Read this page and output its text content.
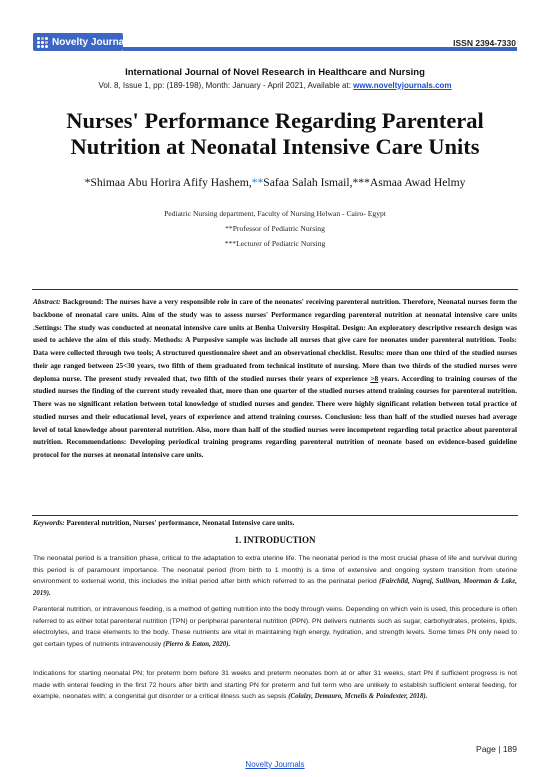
Novelty Journals	ISSN 2394-7330
International Journal of Novel Research in Healthcare and Nursing
Vol. 8, Issue 1, pp: (189-198), Month: January - April 2021, Available at: www.noveltyjournals.com
Nurses' Performance Regarding Parenteral Nutrition at Neonatal Intensive Care Units
*Shimaa Abu Horira Afify Hashem,**Safaa Salah Ismail,***Asmaa Awad Helmy
Pediatric Nursing department, Faculty of Nursing Helwan - Cairo- Egypt
**Professor of Pediatric Nursing
***Lecturer of Pediatric Nursing
Abstract: Background: The nurses have a very responsible role in care of the neonates' receiving parenteral nutrition. Therefore, Neonatal nurses form the backbone of neonatal care units. Aim of the study was to assess nurses' Performance regarding parenteral nutrition at neonatal intensive care units .Settings: The study was conducted at neonatal intensive care units at Benha University Hospital. Design: An exploratory descriptive research design was used to achieve the aim of this study. Methods: A Purposive sample was include all nurses that give care for neonates under parenteral nutrition. Tools: Data were collected through two tools; A structured questionnaire sheet and an observational checklist. Results: more than one third of the studied nurses their age ranged between 25<30 years, two fifth of them graduated from technical institute of nursing. More than two thirds of the studied nurses were deploma nurse. The present study revealed that, two fifth of the studied nurses their years of experience >8 years. According to training courses of the studied nurses the finding of the current study revealed that, more than one quarter of the studied nurses attend training courses for parenteral nutrition. There was no significant relation between total knowledge of studied nurses and gender. There were highly significant relation between total practice of studied nurses and their educational level, years of experience and attend training courses. Conclusion: less than half of the studied nurses had average level of total knowledge about parenteral nutrition. Also, more than half of the studied nurses were incompetent regarding total practice about parenteral nutrition. Recommendations: Developing periodical training programs regarding parenteral nutrition of neonate based on evidence-based guideline protocol for the nurses at neonatal intensive care units.
Keywords: Parenteral nutrition, Nurses' performance, Neonatal Intensive care units.
1. INTRODUCTION
The neonatal period is a transition phase, critical to the adaptation to extra uterine life. The neonatal period is the most crucial phase of life and survival during this period is of paramount importance. The neonatal period (from birth to 1 month) is a time of extensive and ongoing system transition from uterine environment to external world, this includes the initial period after birth which referred to as the perinatal period (Fairchild, Nagraj, Sullivan, Moorman & Lake, 2019).
Parenteral nutrition, or intravenous feeding, is a method of getting nutrition into the body through veins. Depending on which vein is used, this procedure is often referred to as either total parenteral nutrition (TPN) or peripheral parenteral nutrition (PPN). PN delivers nutrients such as sugar, carbohydrates, proteins, lipids, electrolytes, and trace elements to the body. These nutrients are vital in maintaining high energy, hydration, and strength levels. Some times PN only need to get certain types of nutrients intravenously (Pierro & Eaton, 2020).
Indications for starting neonatal PN; for preterm born before 31 weeks and preterm neonates born at or after 31 weeks, start PN if sufficient progress is not made with enteral feeding in the first 72 hours after birth and starting PN for preterm and full term who are unlikely to establish sufficient enteral feeding, for example, neonates with; a congenital gut disorder or a critical illness such as sepsis (Colaizy, Demauro, Mcnelis & Poindexter, 2018).
Page | 189
Novelty Journals
